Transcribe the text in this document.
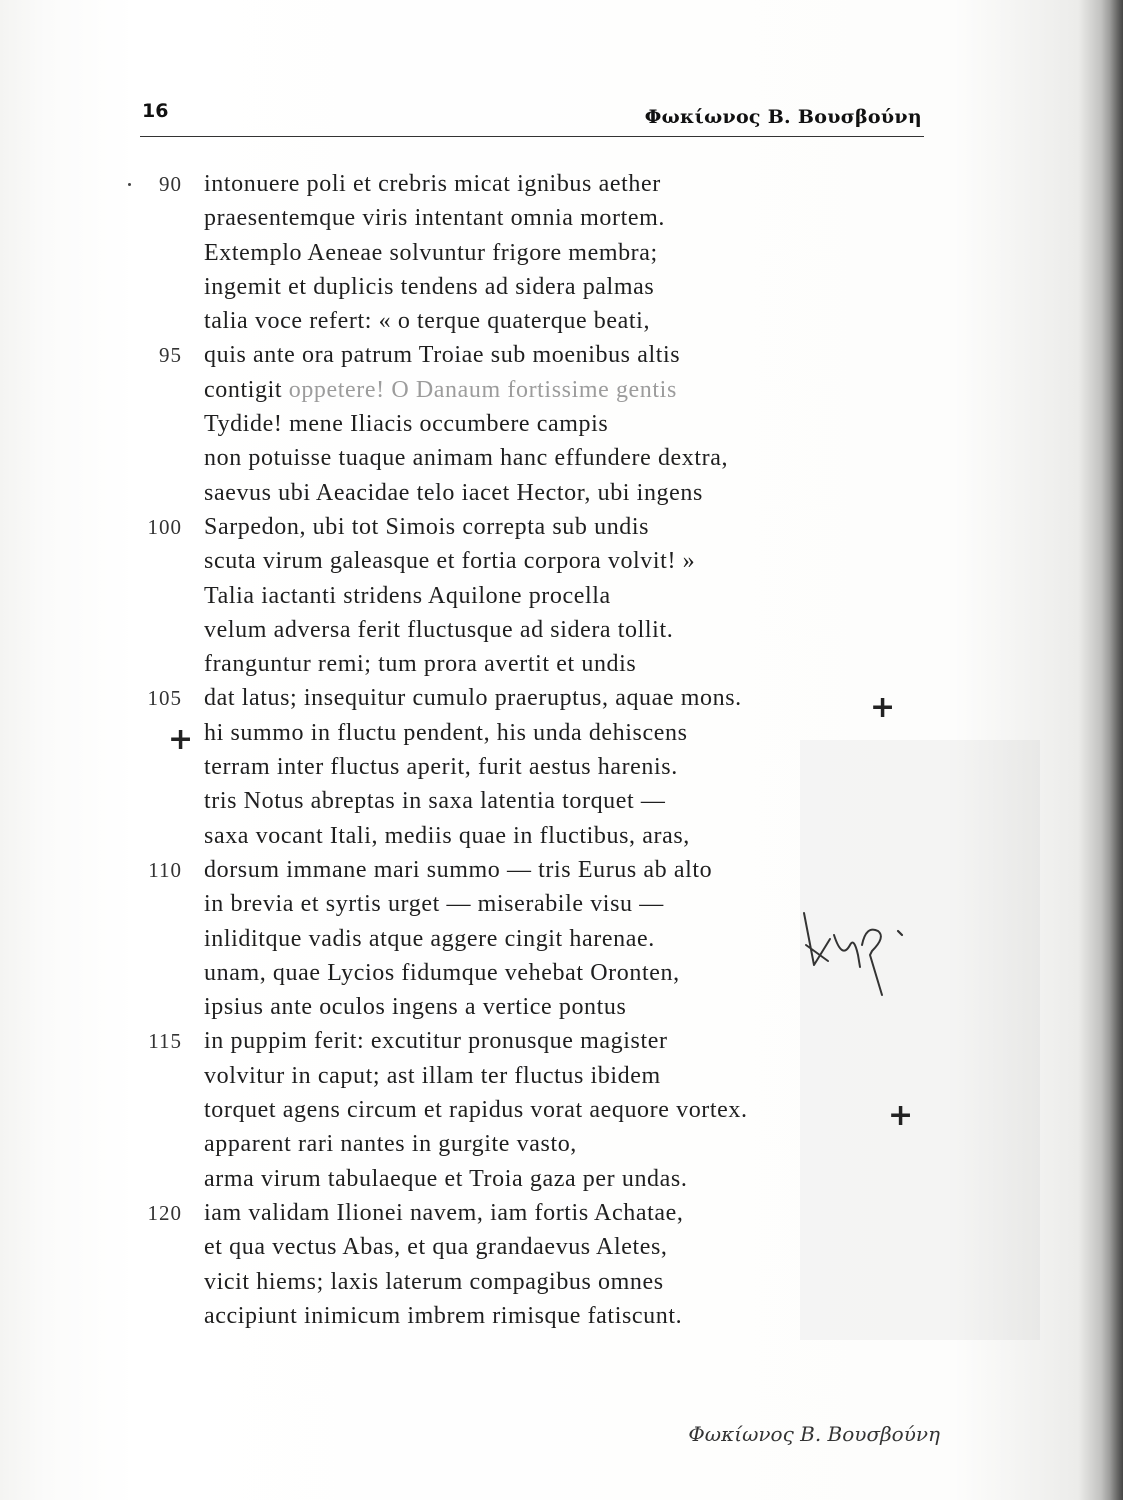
16	Φωκίωνος Β. Βουσβούνη
90 intonuere poli et crebris micat ignibus aether
praesentemque viris intentant omnia mortem.
Extemplo Aeneae solvuntur frigore membra;
ingemit et duplicis tendens ad sidera palmas
talia voce refert: « o terque quaterque beati,
95 quis ante ora patrum Troiae sub moenibus altis
contigit oppetere! O Danaum fortissime gentis
Tydide! mene Iliacis occumbere campis
non potuisse tuaque animam hanc effundere dextra,
saevus ubi Aeacidae telo iacet Hector, ubi ingens
100 Sarpedon, ubi tot Simois correpta sub undis
scuta virum galeasque et fortia corpora volvit! »
Talia iactanti stridens Aquilone procella
velum adversa ferit fluctusque ad sidera tollit.
franguntur remi; tum prora avertit et undis
105 dat latus; insequitur cumulo praeruptus, aquae mons.
hi summo in fluctu pendent, his unda dehiscens
terram inter fluctus aperit, furit aestus harenis.
tris Notus abreptas in saxa latentia torquet —
saxa vocant Itali, mediis quae in fluctibus, aras,
110 dorsum immane mari summo — tris Eurus ab alto
in brevia et syrtis urget — miserabile visu —
inliditque vadis atque aggere cingit harenae.
unam, quae Lycios fidumque vehebat Oronten,
ipsius ante oculos ingens a vertice pontus
115 in puppim ferit: excutitur pronusque magister
volvitur in caput; ast illam ter fluctus ibidem
torquet agens circum et rapidus vorat aequore vortex.
apparent rari nantes in gurgite vasto,
arma virum tabulaeque et Troia gaza per undas.
120 iam validam Ilionei navem, iam fortis Achatae,
et qua vectus Abas, et qua grandaevus Aletes,
vicit hiems; laxis laterum compagibus omnes
accipiunt inimicum imbrem rimisque fatiscunt.
+
+
+
Φωκίωνος Β. Βουσβούνη
